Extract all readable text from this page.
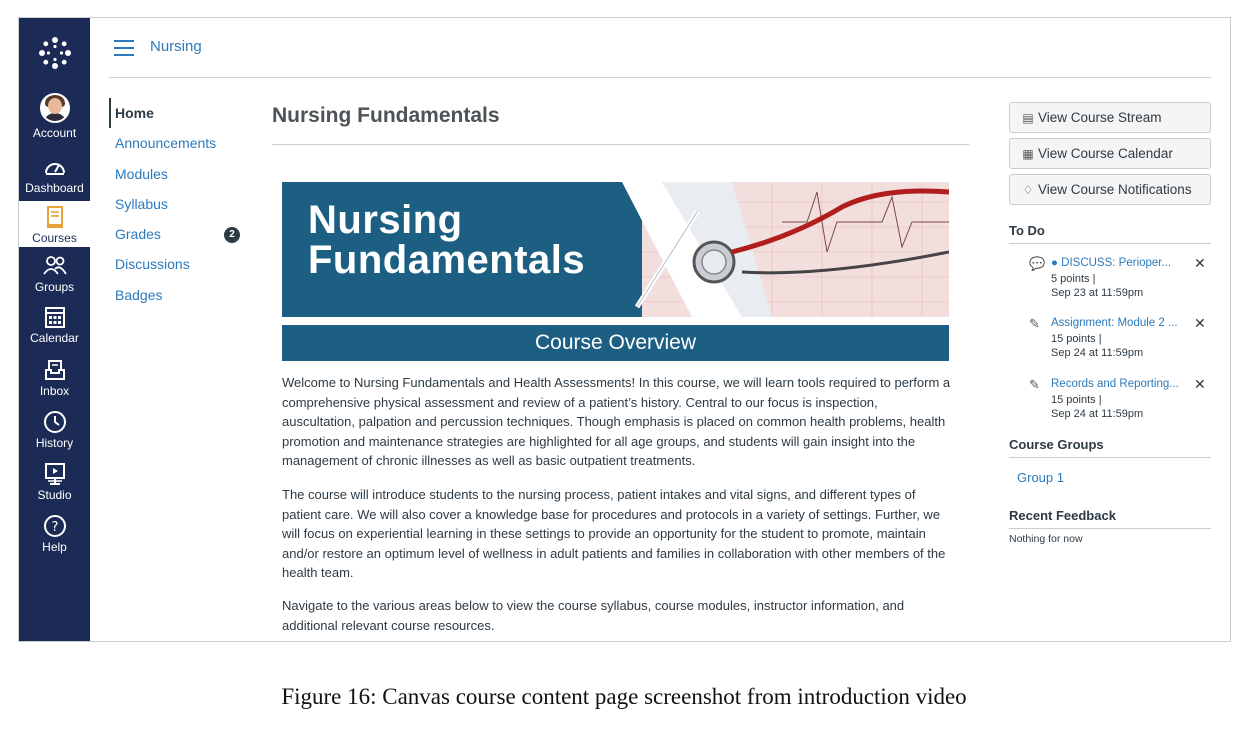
Account
Dashboard
Courses
Groups
Calendar
Inbox
History
Studio
?
Help
Nursing
Home
Announcements
Modules
Syllabus
Grades	2
Discussions
Badges
Nursing Fundamentals
Nursing
Fundamentals
Course Overview

Welcome to Nursing Fundamentals and Health Assessments! In this course, we will learn tools required to perform a comprehensive physical assessment and review of a patient’s history. Central to our focus is inspection, auscultation, palpation and percussion techniques. Though emphasis is placed on common health problems, health promotion and maintenance strategies are highlighted for all age groups, and students will gain insight into the management of chronic illnesses as well as basic outpatient treatments.

The course will introduce students to the nursing process, patient intakes and vital signs, and different types of patient care. We will also cover a knowledge base for procedures and protocols in a variety of settings. Further, we will focus on experiential learning in these settings to provide an opportunity for the student to promote, maintain and/or restore an optimum level of wellness in adult patients and families in collaboration with other members of the health team.

Navigate to the various areas below to view the course syllabus, course modules, instructor information, and additional relevant course resources.

▤ View Course Stream
▦ View Course Calendar
♢ View Course Notifications
To Do
💬 ● DISCUSS: Perioper...	✕
5 points |
Sep 23 at 11:59pm
✎ Assignment: Module 2 ...	✕
15 points |
Sep 24 at 11:59pm
✎ Records and Reporting...	✕
15 points |
Sep 24 at 11:59pm
Course Groups
Group 1
Recent Feedback
Nothing for now
Figure 16: Canvas course content page screenshot from introduction video
